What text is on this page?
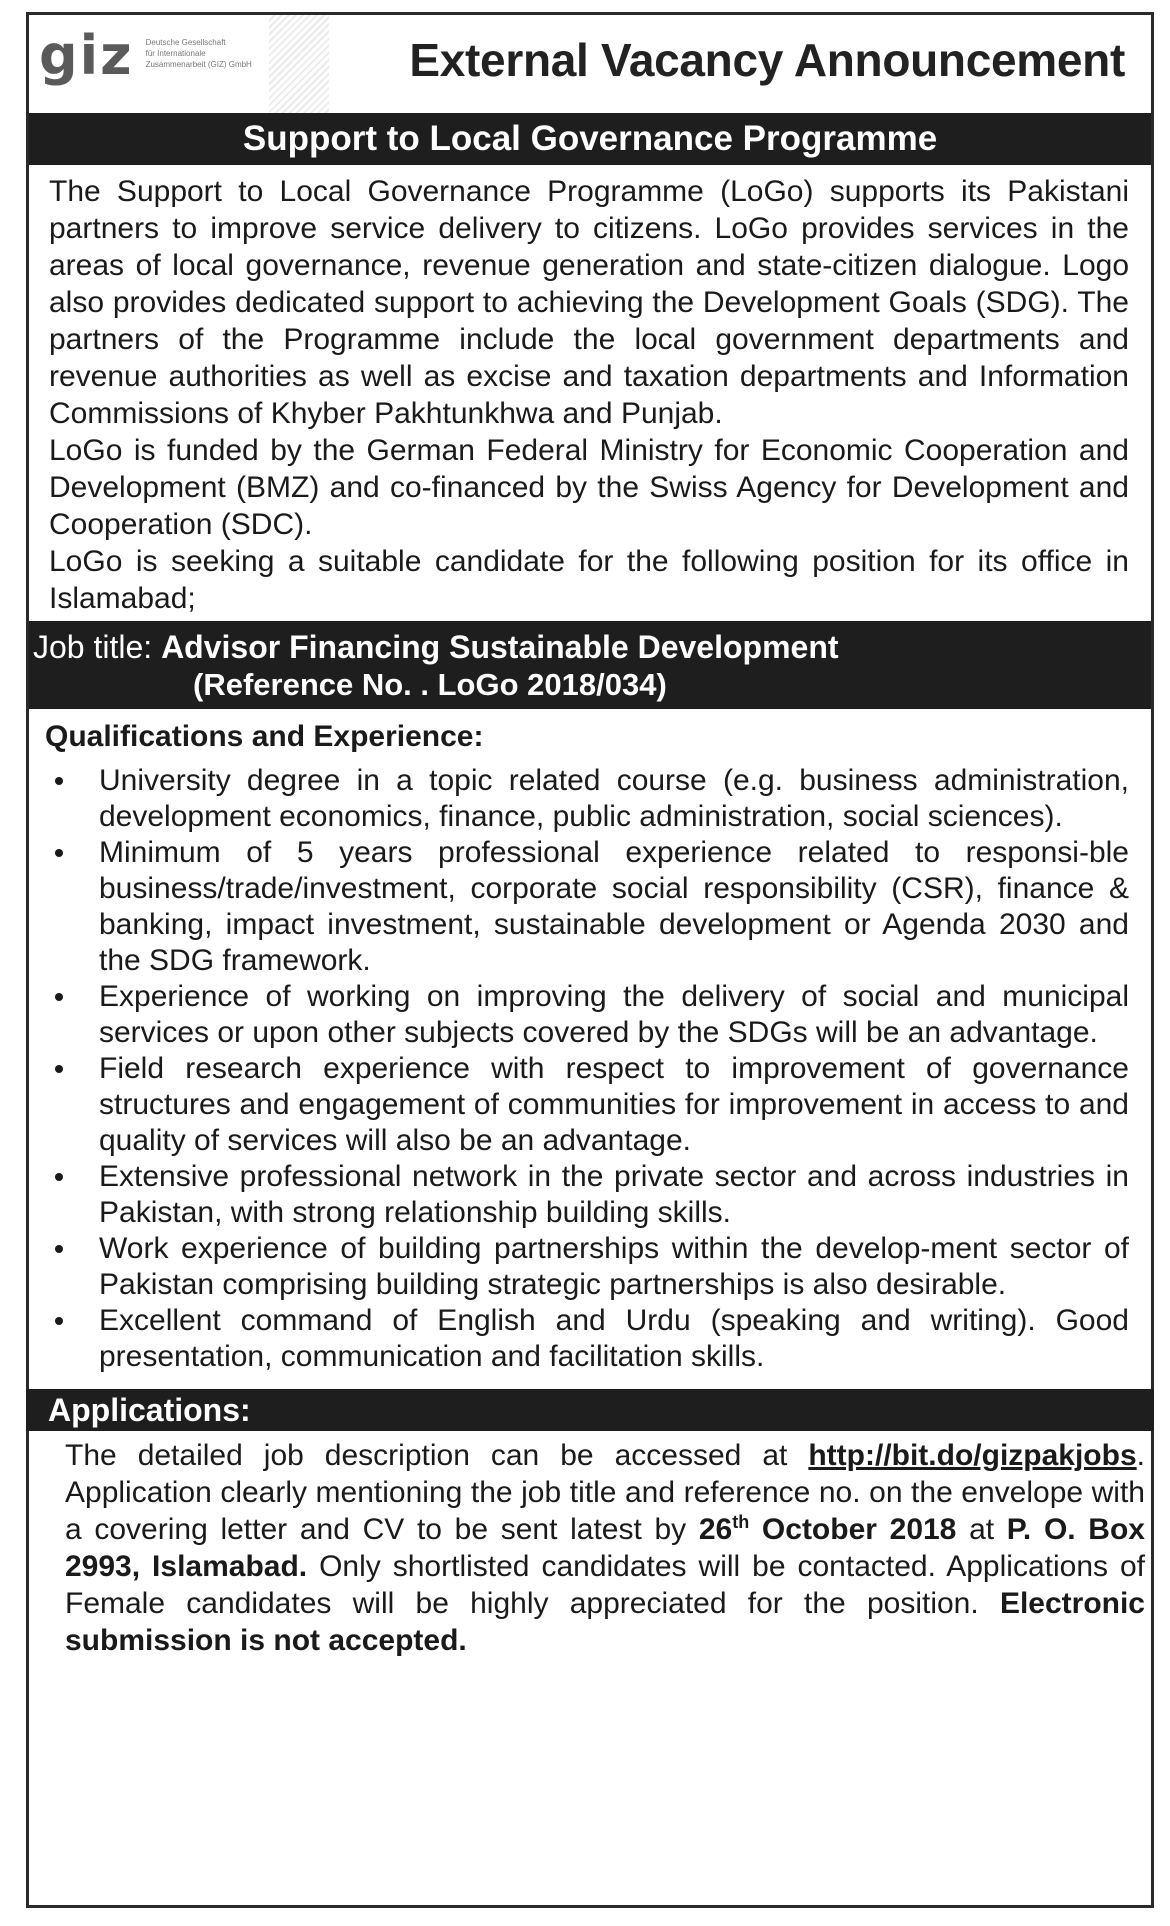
giz Deutsche Gesellschaft
für Internationale
Zusammenarbeit (GIZ) GmbH	External Vacancy Announcement
Support to Local Governance Programme

The Support to Local Governance Programme (LoGo) supports its Pakistani partners to improve service delivery to citizens. LoGo provides services in the areas of local governance, revenue generation and state-citizen dialogue. Logo also provides dedicated support to achieving the Development Goals (SDG). The partners of the Programme include the local government departments and revenue authorities as well as excise and taxation departments and Information Commissions of Khyber Pakhtunkhwa and Punjab.

LoGo is funded by the German Federal Ministry for Economic Cooperation and Development (BMZ) and co-financed by the Swiss Agency for Development and Cooperation (SDC).

LoGo is seeking a suitable candidate for the following position for its office in Islamabad;

Job title: Advisor Financing Sustainable Development
(Reference No. . LoGo 2018/034)
Qualifications and Experience:
University degree in a topic related course (e.g. business administration, development economics, finance, public administration, social sciences).
Minimum of 5 years professional experience related to responsi-ble business/trade/investment, corporate social responsibility (CSR), finance & banking, impact investment, sustainable development or Agenda 2030 and the SDG framework.
Experience of working on improving the delivery of social and municipal services or upon other subjects covered by the SDGs will be an advantage.
Field research experience with respect to improvement of governance structures and engagement of communities for improvement in access to and quality of services will also be an advantage.
Extensive professional network in the private sector and across industries in Pakistan, with strong relationship building skills.
Work experience of building partnerships within the develop-ment sector of Pakistan comprising building strategic partnerships is also desirable.
Excellent command of English and Urdu (speaking and writing). Good presentation, communication and facilitation skills.
Applications:
The detailed job description can be accessed at http://bit.do/gizpakjobs. Application clearly mentioning the job title and reference no. on the envelope with a covering letter and CV to be sent latest by 26th October 2018 at P. O. Box 2993, Islamabad. Only shortlisted candidates will be contacted. Applications of Female candidates will be highly appreciated for the position. Electronic submission is not accepted.
